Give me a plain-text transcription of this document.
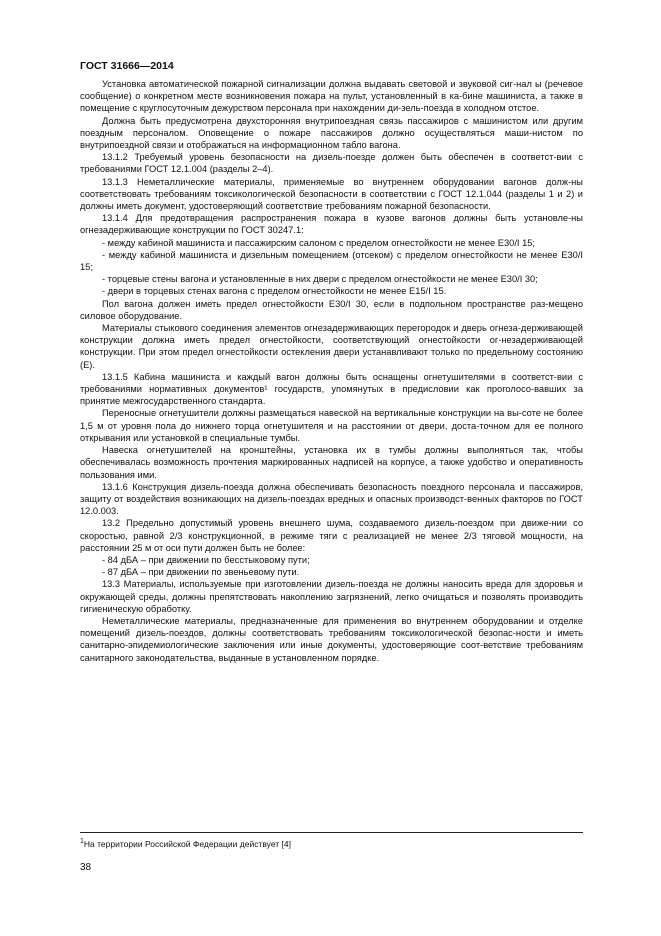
ГОСТ 31666—2014

Установка автоматической пожарной сигнализации должна выдавать световой и звуковой сиг-нал ы (речевое сообщение) о конкретном месте возникновения пожара на пульт, установленный в ка-бине машиниста, а также в помещение с круглосуточным дежурством персонала при нахождении ди-зель-поезда в холодном отстое.

Должна быть предусмотрена двухсторонняя внутрипоездная связь пассажиров с машинистом или другим поездным персоналом. Оповещение о пожаре пассажиров должно осуществляться маши-нистом по внутрипоездной связи и отображаться на информационном табло вагона.

13.1.2 Требуемый уровень безопасности на дизель-поезде должен быть обеспечен в соответст-вии с требованиями ГОСТ 12.1.004 (разделы 2–4).

13.1.3 Неметаллические материалы, применяемые во внутреннем оборудовании вагонов долж-ны соответствовать требованиям токсикологической безопасности в соответствии с ГОСТ 12.1.044 (разделы 1 и 2) и должны иметь документ, удостоверяющий соответствие требованиям пожарной безопасности.

13.1.4 Для предотвращения распространения пожара в кузове вагонов должны быть установле-ны огнезадерживающие конструкции по ГОСТ 30247.1:

- между кабиной машиниста и пассажирским салоном с пределом огнестойкости не менее E30/I 15;

- между кабиной машиниста и дизельным помещением (отсеком) с пределом огнестойкости не менее E30/I 15;

- торцевые стены вагона и установленные в них двери с пределом огнестойкости не менее E30/I 30;

- двери в торцевых стенах вагона с пределом огнестойкости не менее E15/I 15.

Пол вагона должен иметь предел огнестойкости E30/I 30, если в подпольном пространстве раз-мещено силовое оборудование.

Материалы стыкового соединения элементов огнезадерживающих перегородок и дверь огнеза-держивающей конструкции должна иметь предел огнестойкости, соответствующий огнестойкости ог-незадерживающей конструкции. При этом предел огнестойкости остекления двери устанавливают только по предельному состоянию (E).

13.1.5 Кабина машиниста и каждый вагон должны быть оснащены огнетушителями в соответст-вии с требованиями нормативных документов¹ государств, упомянутых в предисловии как проголосо-вавших за принятие межгосударственного стандарта.

Переносные огнетушители должны размещаться навеской на вертикальные конструкции на вы-соте не более 1,5 м от уровня пола до нижнего торца огнетушителя и на расстоянии от двери, доста-точном для ее полного открывания или установкой в специальные тумбы.

Навеска огнетушителей на кронштейны, установка их в тумбы должны выполняться так, чтобы обеспечивалась возможность прочтения маркированных надписей на корпусе, а также удобство и оперативность пользования ими.

13.1.6 Конструкция дизель-поезда должна обеспечивать безопасность поездного персонала и пассажиров, защиту от воздействия возникающих на дизель-поездах вредных и опасных производст-венных факторов по ГОСТ 12.0.003.

13.2 Предельно допустимый уровень внешнего шума, создаваемого дизель-поездом при движе-нии со скоростью, равной 2/3 конструкционной, в режиме тяги с реализацией не менее 2/3 тяговой мощности, на расстоянии 25 м от оси пути должен быть не более:

- 84 дБА – при движении по бесстыковому пути;

- 87 дБА – при движении по звеньевому пути.

13.3 Материалы, используемые при изготовлении дизель-поезда не должны наносить вреда для здоровья и окружающей среды, должны препятствовать накоплению загрязнений, легко очищаться и позволять производить гигиеническую обработку.

Неметаллические материалы, предназначенные для применения во внутреннем оборудовании и отделке помещений дизель-поездов, должны соответствовать требованиям токсикологической безопас-ности и иметь санитарно-эпидемиологические заключения или иные документы, удостоверяющие соот-ветствие требованиям санитарного законодательства, выданные в установленном порядке.

$^1$На территории Российской Федерации действует [4]
38
